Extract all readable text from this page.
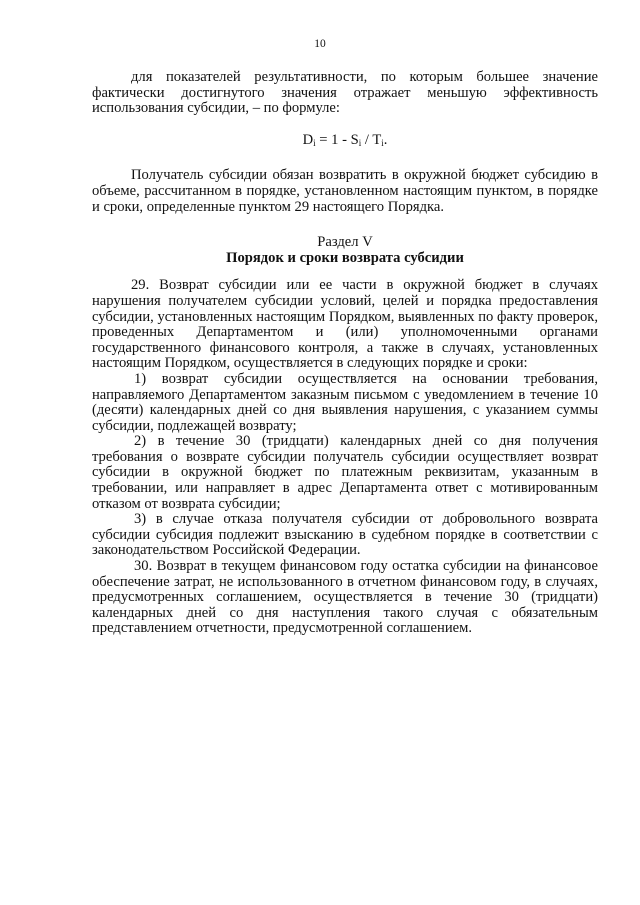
10

для показателей результативности, по которым большее значение фактически достигнутого значения отражает меньшую эффективность использования субсидии, – по формуле:

$D_i = 1 - S_i / T_i$.

Получатель субсидии обязан возвратить в окружной бюджет субсидию в объеме, рассчитанном в порядке, установленном настоящим пунктом, в порядке и сроки, определенные пунктом 29 настоящего Порядка.

Раздел V
Порядок и сроки возврата субсидии

29. Возврат субсидии или ее части в окружной бюджет в случаях нарушения получателем субсидии условий, целей и порядка предоставления субсидии, установленных настоящим Порядком, выявленных по факту проверок, проведенных Департаментом и (или) уполномоченными органами государственного финансового контроля, а также в случаях, установленных настоящим Порядком, осуществляется в следующих порядке и сроки:

1) возврат субсидии осуществляется на основании требования, направляемого Департаментом заказным письмом с уведомлением в течение 10 (десяти) календарных дней со дня выявления нарушения, с указанием суммы субсидии, подлежащей возврату;

2) в течение 30 (тридцати) календарных дней со дня получения требования о возврате субсидии получатель субсидии осуществляет возврат субсидии в окружной бюджет по платежным реквизитам, указанным в требовании, или направляет в адрес Департамента ответ с мотивированным отказом от возврата субсидии;

3) в случае отказа получателя субсидии от добровольного возврата субсидии субсидия подлежит взысканию в судебном порядке в соответствии с законодательством Российской Федерации.

30. Возврат в текущем финансовом году остатка субсидии на финансовое обеспечение затрат, не использованного в отчетном финансовом году, в случаях, предусмотренных соглашением, осуществляется в течение 30 (тридцати) календарных дней со дня наступления такого случая с обязательным представлением отчетности, предусмотренной соглашением.
